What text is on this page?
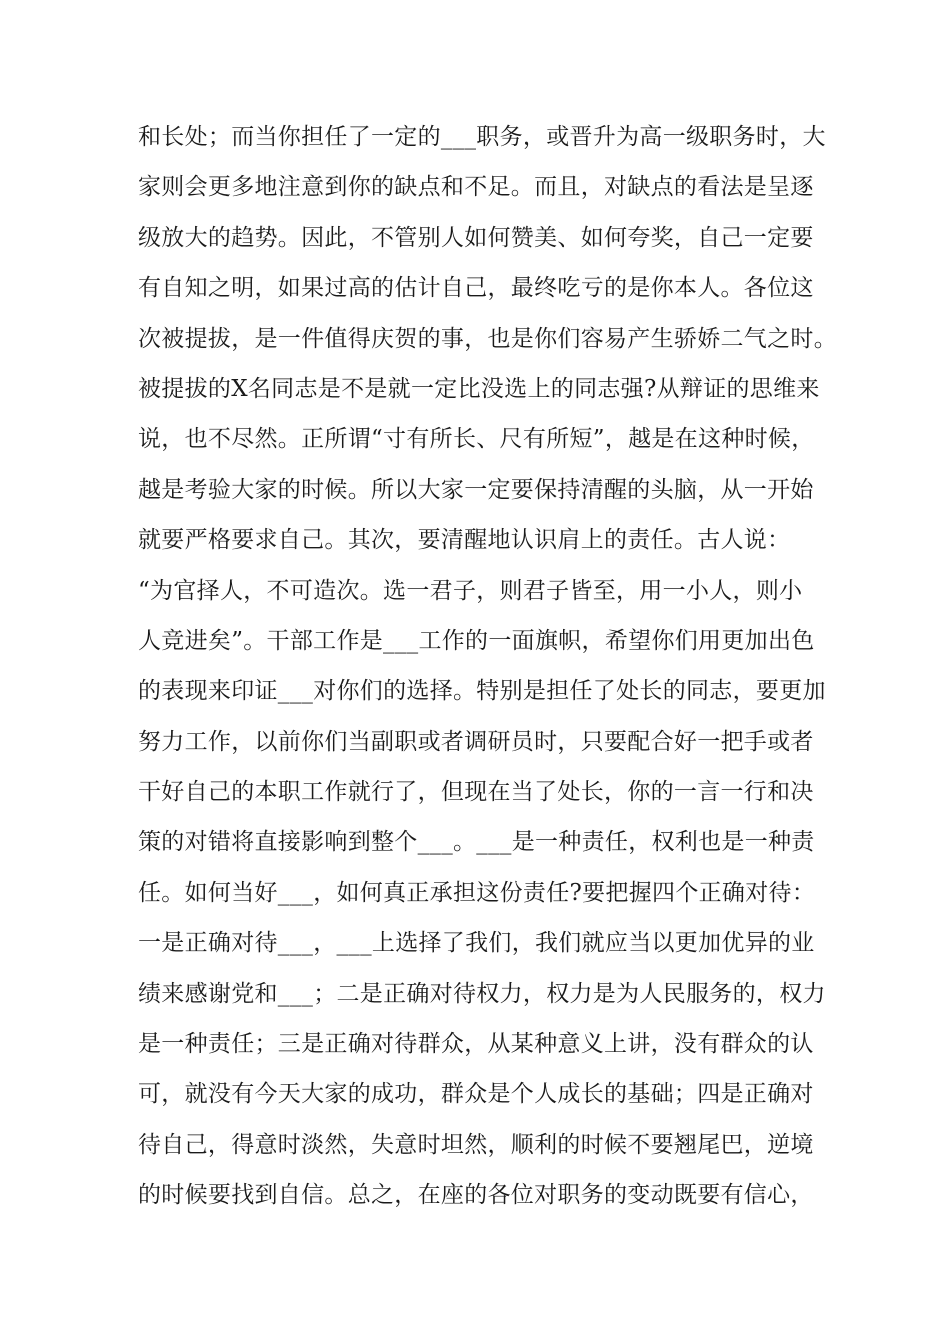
和长处；而当你担任了一定的___职务，或晋升为高一级职务时，大
家则会更多地注意到你的缺点和不足。而且，对缺点的看法是呈逐
级放大的趋势。因此，不管别人如何赞美、如何夸奖，自己一定要
有自知之明，如果过高的估计自己，最终吃亏的是你本人。各位这
次被提拔，是一件值得庆贺的事，也是你们容易产生骄娇二气之时。
被提拔的X名同志是不是就一定比没选上的同志强?从辩证的思维来
说，也不尽然。正所谓“寸有所长、尺有所短”，越是在这种时候，
越是考验大家的时候。所以大家一定要保持清醒的头脑，从一开始
就要严格要求自己。其次，要清醒地认识肩上的责任。古人说：
“为官择人，不可造次。选一君子，则君子皆至，用一小人，则小
人竞进矣”。干部工作是___工作的一面旗帜，希望你们用更加出色
的表现来印证___对你们的选择。特别是担任了处长的同志，要更加
努力工作，以前你们当副职或者调研员时，只要配合好一把手或者
干好自己的本职工作就行了，但现在当了处长，你的一言一行和决
策的对错将直接影响到整个___。___是一种责任，权利也是一种责
任。如何当好___，如何真正承担这份责任?要把握四个正确对待：
一是正确对待___，___上选择了我们，我们就应当以更加优异的业
绩来感谢党和___；二是正确对待权力，权力是为人民服务的，权力
是一种责任；三是正确对待群众，从某种意义上讲，没有群众的认
可，就没有今天大家的成功，群众是个人成长的基础；四是正确对
待自己，得意时淡然，失意时坦然，顺利的时候不要翘尾巴，逆境
的时候要找到自信。总之，在座的各位对职务的变动既要有信心，
